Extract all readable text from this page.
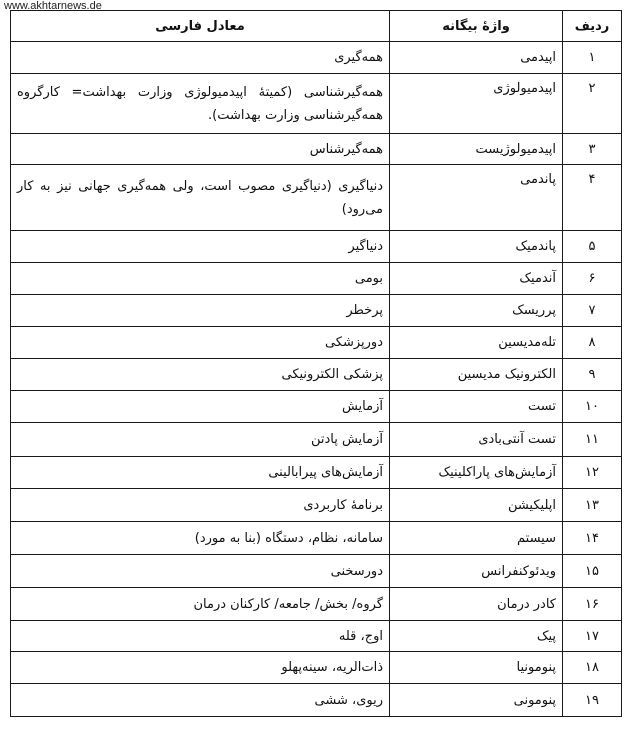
www.akhtarnews.de
ردیف	واژۀ بیگانه	معادل فارسی
۱	اپیدمی	همه‌گیری
۲	اپیدمیولوژی	همه‌گیرشناسی (کمیتۀ اپیدمیولوژی وزارت بهداشت= کارگروه همه‌گیرشناسی وزارت بهداشت).
۳	اپیدمیولوژیست	همه‌گیرشناس
۴	پاندمی	دنیاگیری (دنیاگیری مصوب است، ولی همه‌گیری جهانی نیز به کار می‌رود)
۵	پاندمیک	دنیاگیر
۶	آندمیک	بومی
۷	پرریسک	پرخطر
۸	تله‌مدیسین	دورپزشکی
۹	الکترونیک مدیسین	پزشکی الکترونیکی
۱۰	تست	آزمایش
۱۱	تست آنتی‌بادی	آزمایش پادتن
۱۲	آزمایش‌های پاراکلینیک	آزمایش‌های پیرابالینی
۱۳	اپلیکیشن	برنامۀ کاربردی
۱۴	سیستم	سامانه، نظام، دستگاه (بنا به مورد)
۱۵	ویدئوکنفرانس	دورسخنی
۱۶	کادر درمان	گروه/ بخش/ جامعه/ کارکنان درمان
۱۷	پیک	اوج، قله
۱۸	پنومونیا	ذات‌الریه، سینه‌پهلو
۱۹	پنومونی	ریوی، ششی
